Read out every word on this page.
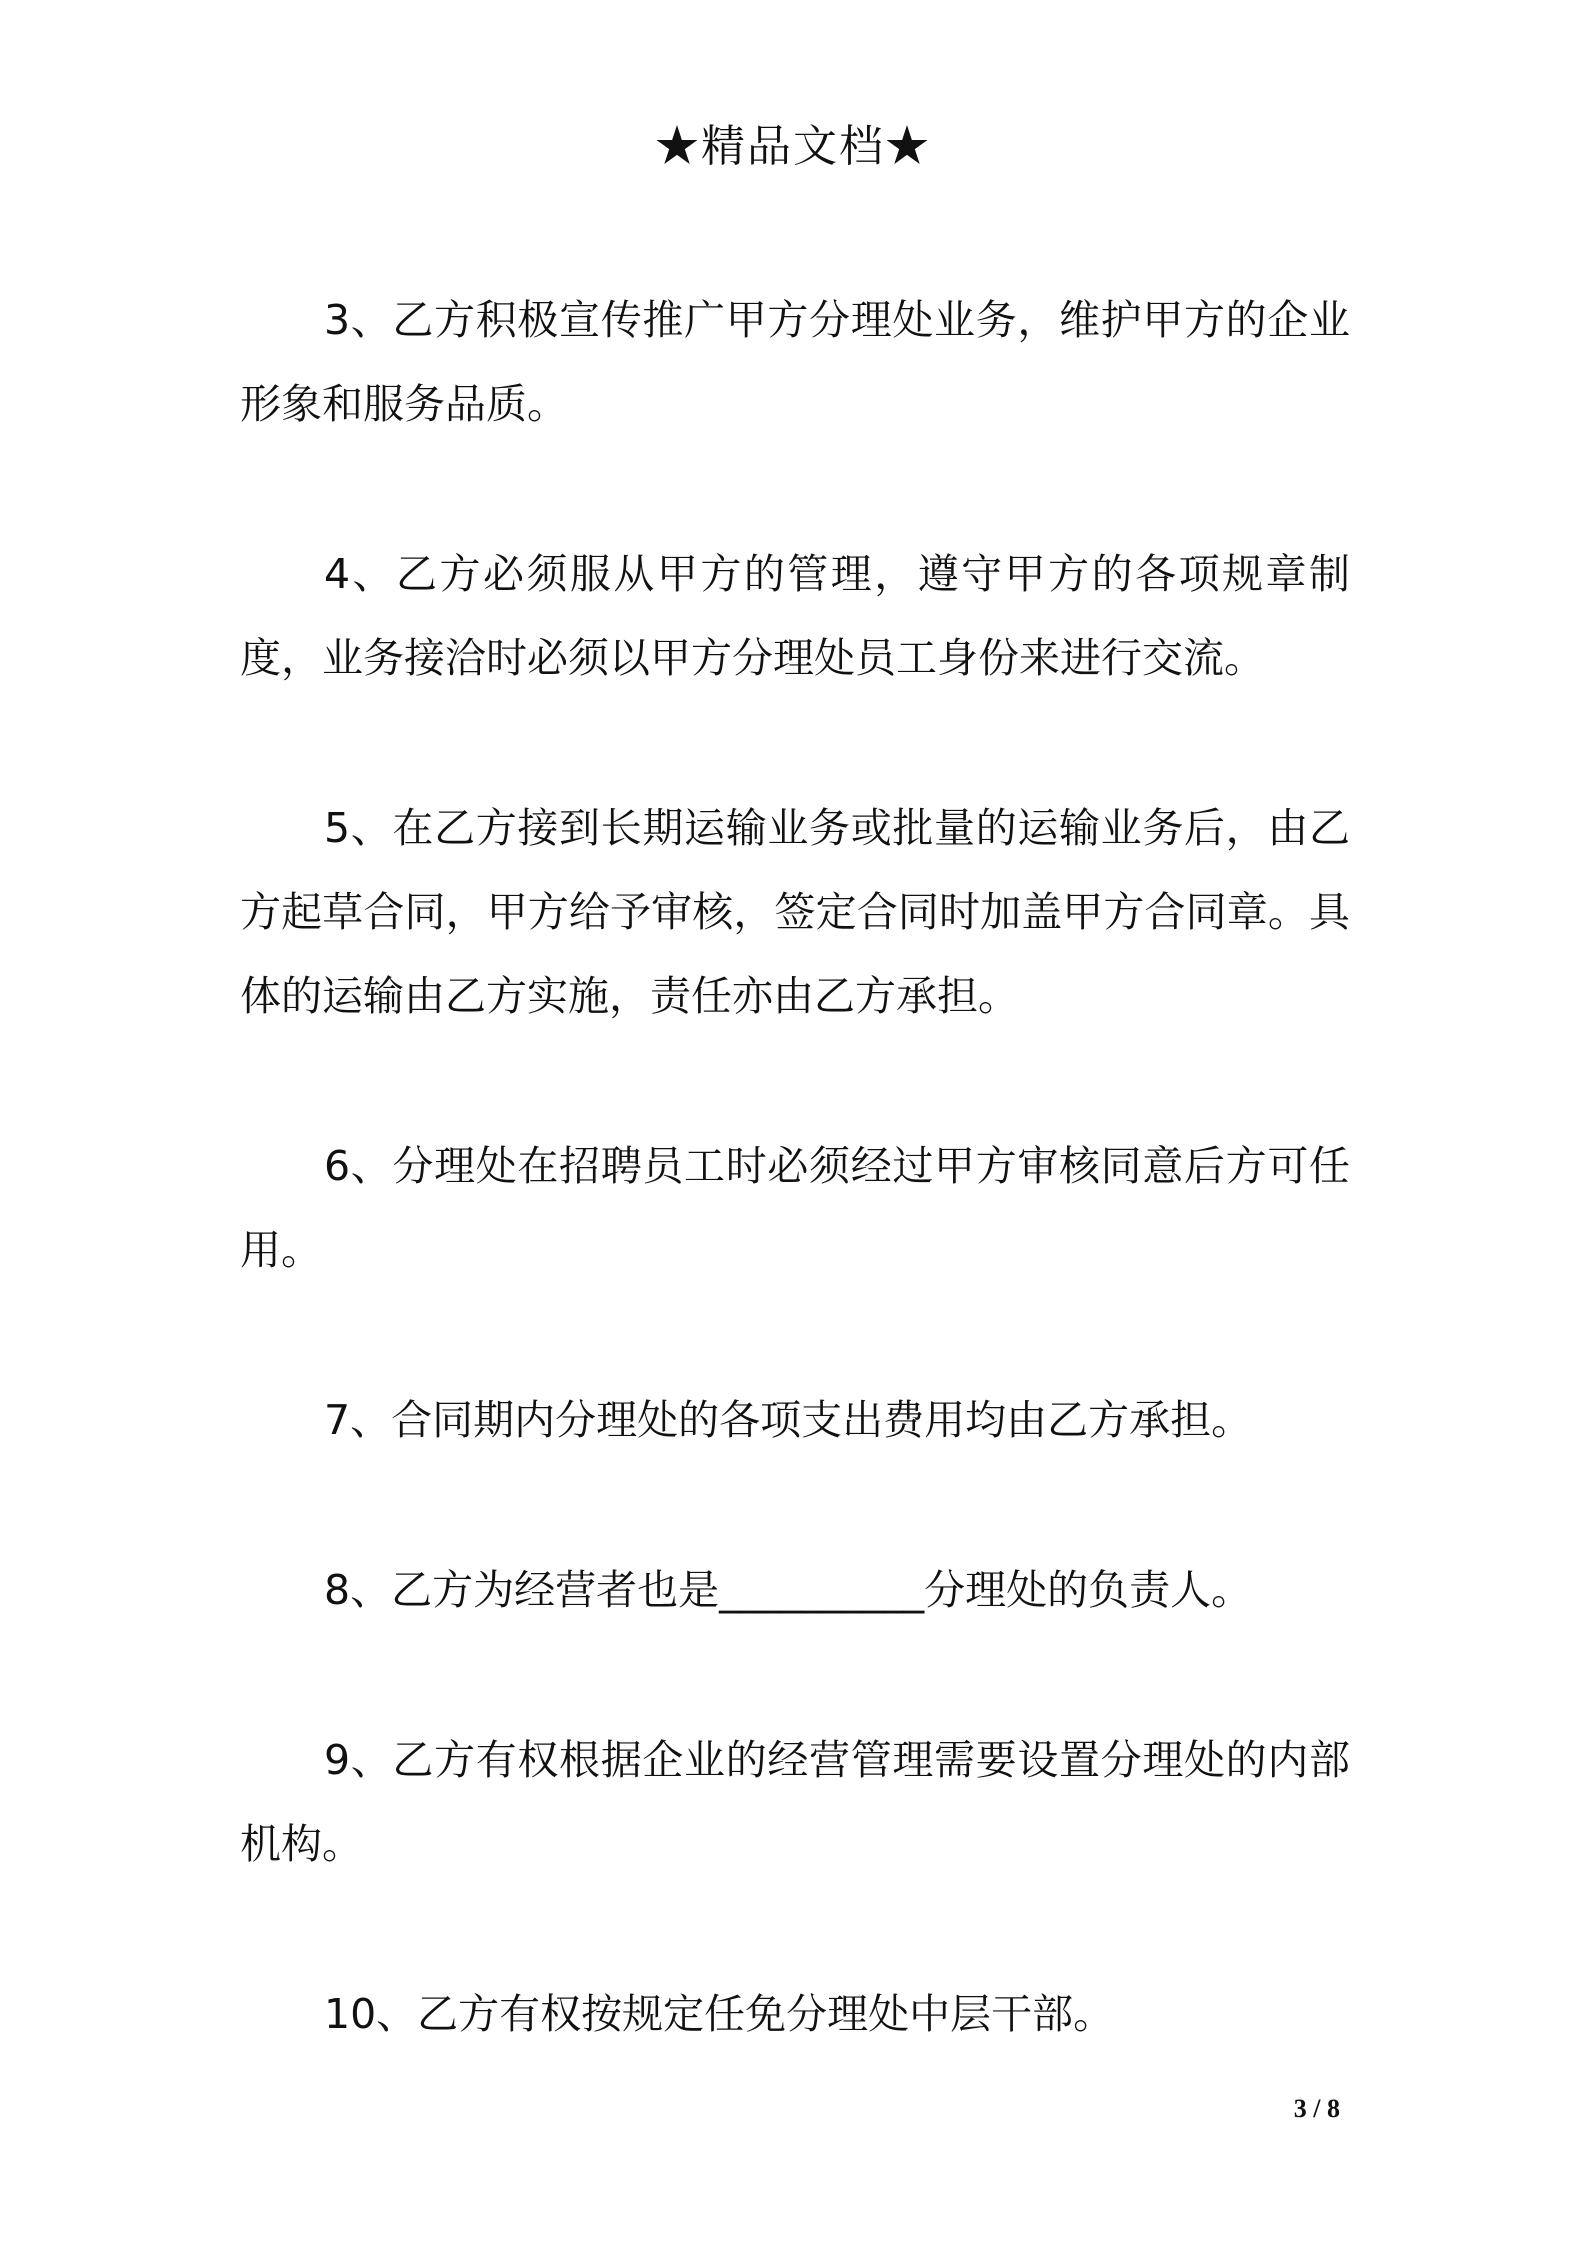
★精品文档★

3、乙方积极宣传推广甲方分理处业务，维护甲方的企业形象和服务品质。

4、乙方必须服从甲方的管理，遵守甲方的各项规章制度，业务接洽时必须以甲方分理处员工身份来进行交流。

5、在乙方接到长期运输业务或批量的运输业务后，由乙方起草合同，甲方给予审核，签定合同时加盖甲方合同章。具体的运输由乙方实施，责任亦由乙方承担。

6、分理处在招聘员工时必须经过甲方审核同意后方可任用。

7、合同期内分理处的各项支出费用均由乙方承担。

8、乙方为经营者也是__________分理处的负责人。

9、乙方有权根据企业的经营管理需要设置分理处的内部机构。

10、乙方有权按规定任免分理处中层干部。

3 / 8
